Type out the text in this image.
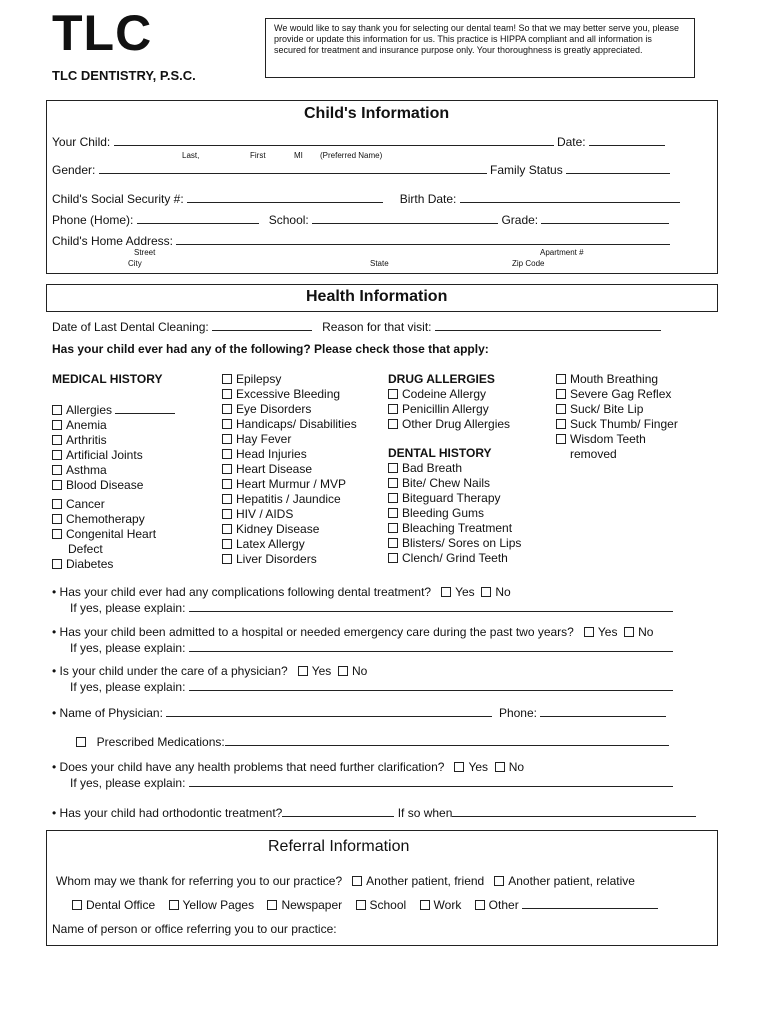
TLC
TLC DENTISTRY, P.S.C.
We would like to say thank you for selecting our dental team! So that we may better serve you, please provide or update this information for us. This practice is HIPPA compliant and all information is secured for treatment and insurance purpose only. Your thoroughness is greatly appreciated.
Child's Information
Your Child:	Date:
Last,	First	MI (Preferred Name)
Gender:	Family Status
Child's Social Security #:	Birth Date:
Phone (Home):	School:	Grade:
Child's Home Address:
Street	Apartment #
City	State	Zip Code
Health Information
Date of Last Dental Cleaning:	Reason for that visit:
Has your child ever had any of the following? Please check those that apply:
MEDICAL HISTORY
Allergies
Anemia
Arthritis
Artificial Joints
Asthma
Blood Disease
Cancer
Chemotherapy
Congenital Heart
Defect
Diabetes
Epilepsy
Excessive Bleeding
Eye Disorders
Handicaps/ Disabilities
Hay Fever
Head Injuries
Heart Disease
Heart Murmur / MVP
Hepatitis / Jaundice
HIV / AIDS
Kidney Disease
Latex Allergy
Liver Disorders
DRUG ALLERGIES
Codeine Allergy
Penicillin Allergy
Other Drug Allergies
DENTAL HISTORY
Bad Breath
Bite/ Chew Nails
Biteguard Therapy
Bleeding Gums
Bleaching Treatment
Blisters/ Sores on Lips
Clench/ Grind Teeth
Mouth Breathing
Severe Gag Reflex
Suck/ Bite Lip
Suck Thumb/ Finger
Wisdom Teeth
removed
• Has your child ever had any complications following dental treatment? Yes No
If yes, please explain:
• Has your child been admitted to a hospital or needed emergency care during the past two years? Yes No
If yes, please explain:
• Is your child under the care of a physician? Yes No
If yes, please explain:
• Name of Physician:	Phone:
Prescribed Medications:
• Does your child have any health problems that need further clarification? Yes No
If yes, please explain:
• Has your child had orthodontic treatment?	If so when
Referral Information
Whom may we thank for referring you to our practice? Another patient, friend Another patient, relative
Dental Office Yellow Pages Newspaper School Work Other
Name of person or office referring you to our practice:
